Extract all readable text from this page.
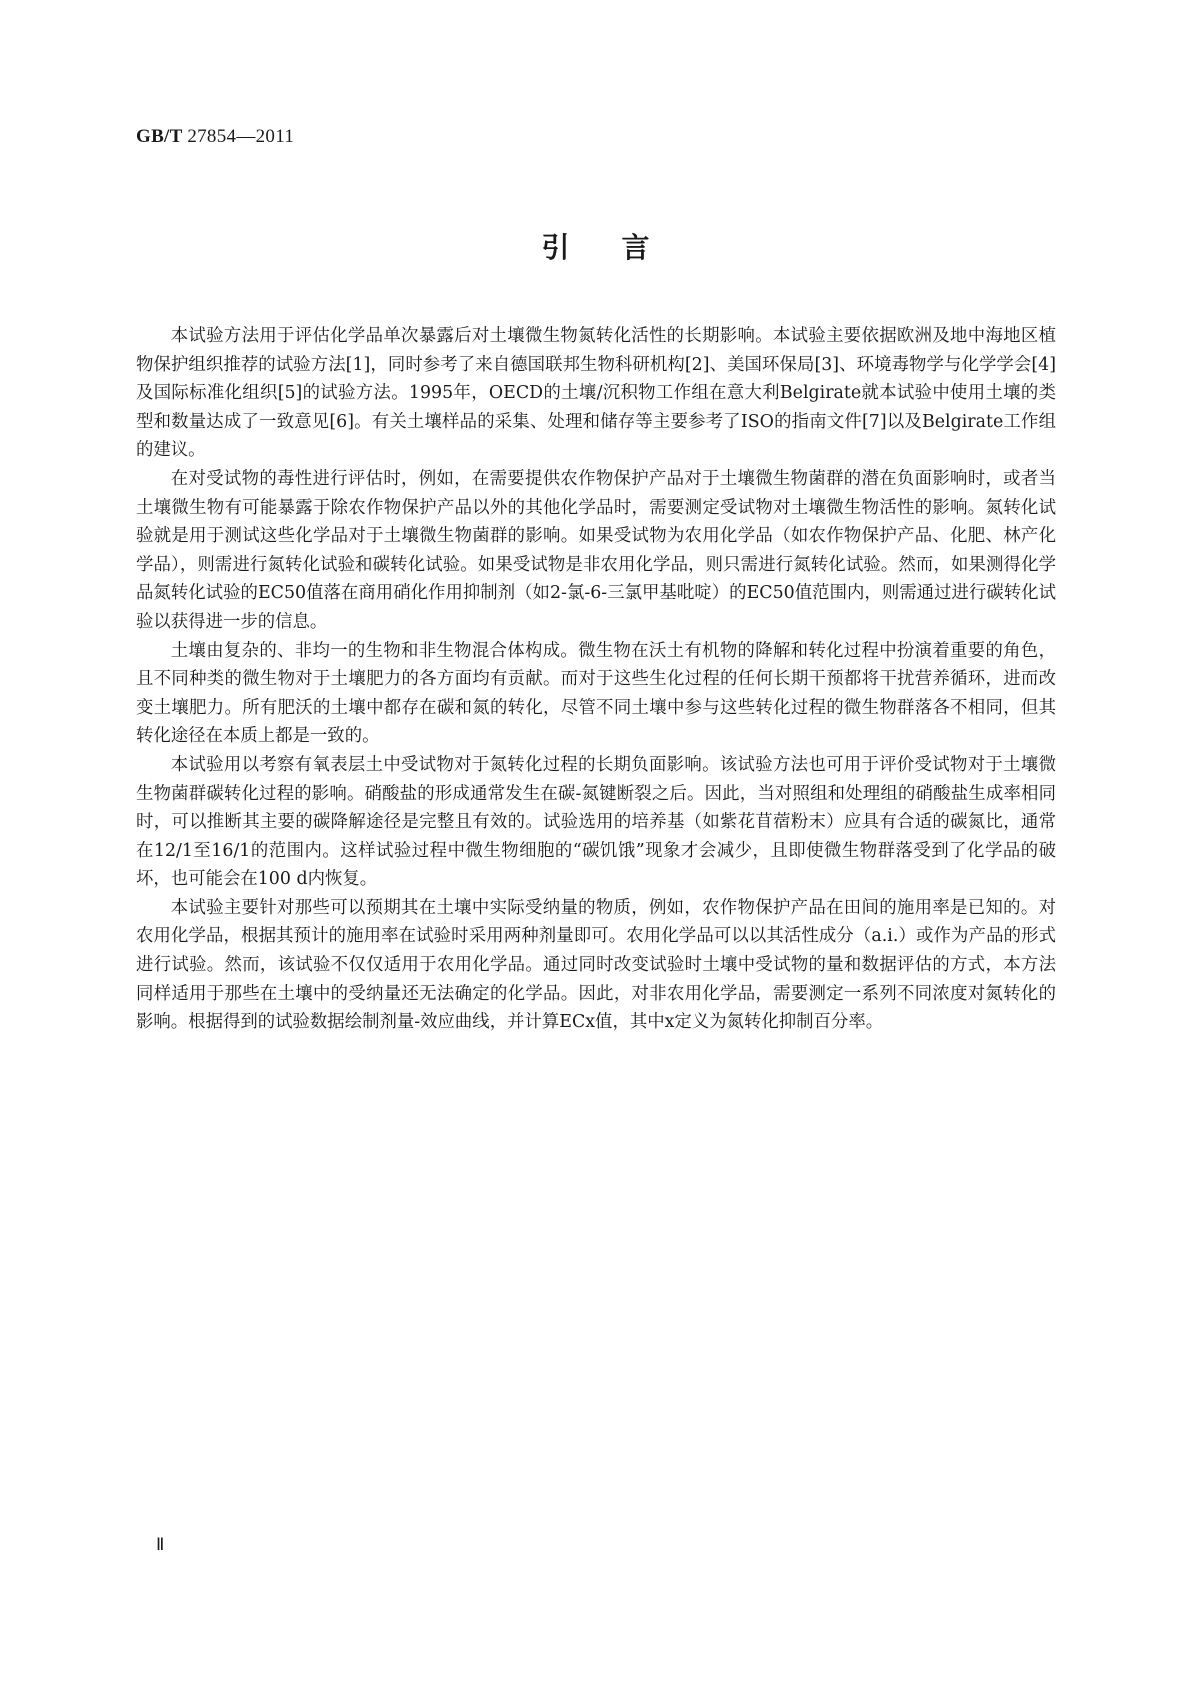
GB/T 27854—2011
引言

本试验方法用于评估化学品单次暴露后对土壤微生物氮转化活性的长期影响。本试验主要依据欧洲及地中海地区植物保护组织推荐的试验方法[1]，同时参考了来自德国联邦生物科研机构[2]、美国环保局[3]、环境毒物学与化学学会[4]及国际标准化组织[5]的试验方法。1995年，OECD的土壤/沉积物工作组在意大利Belgirate就本试验中使用土壤的类型和数量达成了一致意见[6]。有关土壤样品的采集、处理和储存等主要参考了ISO的指南文件[7]以及Belgirate工作组的建议。

在对受试物的毒性进行评估时，例如，在需要提供农作物保护产品对于土壤微生物菌群的潜在负面影响时，或者当土壤微生物有可能暴露于除农作物保护产品以外的其他化学品时，需要测定受试物对土壤微生物活性的影响。氮转化试验就是用于测试这些化学品对于土壤微生物菌群的影响。如果受试物为农用化学品（如农作物保护产品、化肥、林产化学品），则需进行氮转化试验和碳转化试验。如果受试物是非农用化学品，则只需进行氮转化试验。然而，如果测得化学品氮转化试验的EC50值落在商用硝化作用抑制剂（如2-氯-6-三氯甲基吡啶）的EC50值范围内，则需通过进行碳转化试验以获得进一步的信息。

土壤由复杂的、非均一的生物和非生物混合体构成。微生物在沃土有机物的降解和转化过程中扮演着重要的角色，且不同种类的微生物对于土壤肥力的各方面均有贡献。而对于这些生化过程的任何长期干预都将干扰营养循环，进而改变土壤肥力。所有肥沃的土壤中都存在碳和氮的转化，尽管不同土壤中参与这些转化过程的微生物群落各不相同，但其转化途径在本质上都是一致的。

本试验用以考察有氧表层土中受试物对于氮转化过程的长期负面影响。该试验方法也可用于评价受试物对于土壤微生物菌群碳转化过程的影响。硝酸盐的形成通常发生在碳-氮键断裂之后。因此，当对照组和处理组的硝酸盐生成率相同时，可以推断其主要的碳降解途径是完整且有效的。试验选用的培养基（如紫花苜蓿粉末）应具有合适的碳氮比，通常在12/1至16/1的范围内。这样试验过程中微生物细胞的“碳饥饿”现象才会减少，且即使微生物群落受到了化学品的破坏，也可能会在100 d内恢复。

本试验主要针对那些可以预期其在土壤中实际受纳量的物质，例如，农作物保护产品在田间的施用率是已知的。对农用化学品，根据其预计的施用率在试验时采用两种剂量即可。农用化学品可以以其活性成分（a.i.）或作为产品的形式进行试验。然而，该试验不仅仅适用于农用化学品。通过同时改变试验时土壤中受试物的量和数据评估的方式，本方法同样适用于那些在土壤中的受纳量还无法确定的化学品。因此，对非农用化学品，需要测定一系列不同浓度对氮转化的影响。根据得到的试验数据绘制剂量-效应曲线，并计算ECx值，其中x定义为氮转化抑制百分率。

Ⅱ
